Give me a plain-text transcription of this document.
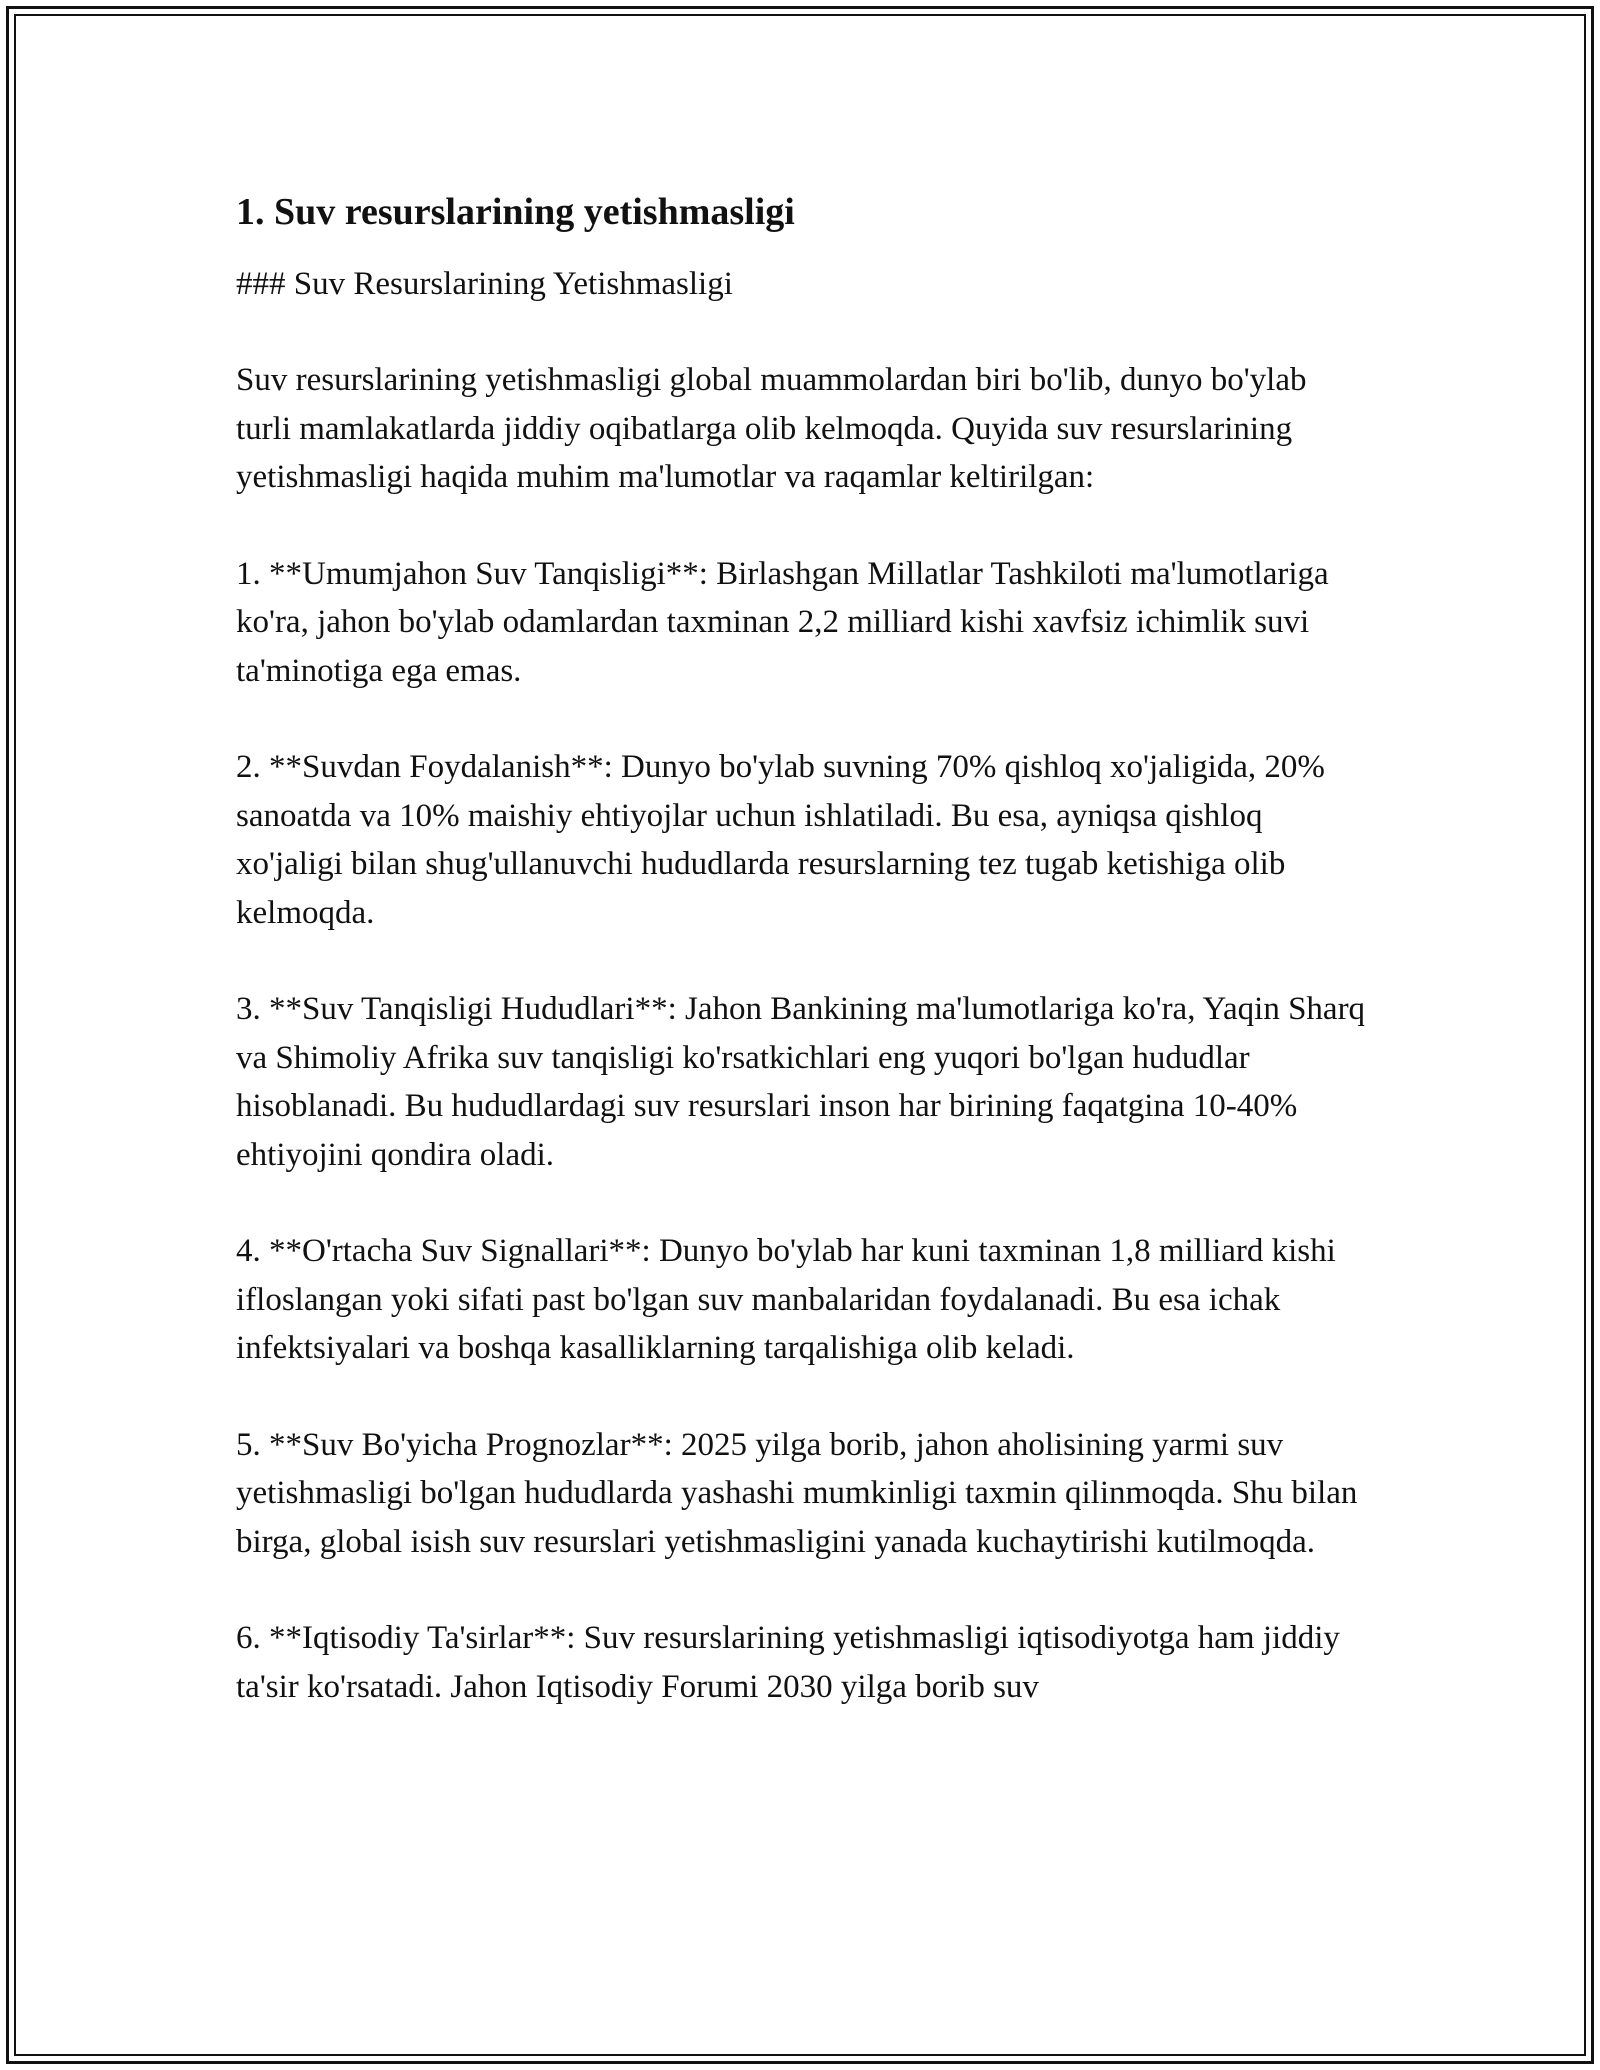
1. Suv resurslarining yetishmasligi

### Suv Resurslarining Yetishmasligi

Suv resurslarining yetishmasligi global muammolardan biri bo'lib, dunyo bo'ylab turli mamlakatlarda jiddiy oqibatlarga olib kelmoqda. Quyida suv resurslarining yetishmasligi haqida muhim ma'lumotlar va raqamlar keltirilgan:

1. **Umumjahon Suv Tanqisligi**: Birlashgan Millatlar Tashkiloti ma'lumotlariga ko'ra, jahon bo'ylab odamlardan taxminan 2,2 milliard kishi xavfsiz ichimlik suvi ta'minotiga ega emas.

2. **Suvdan Foydalanish**: Dunyo bo'ylab suvning 70% qishloq xo'jaligida, 20% sanoatda va 10% maishiy ehtiyojlar uchun ishlatiladi. Bu esa, ayniqsa qishloq xo'jaligi bilan shug'ullanuvchi hududlarda resurslarning tez tugab ketishiga olib kelmoqda.

3. **Suv Tanqisligi Hududlari**: Jahon Bankining ma'lumotlariga ko'ra, Yaqin Sharq va Shimoliy Afrika suv tanqisligi ko'rsatkichlari eng yuqori bo'lgan hududlar hisoblanadi. Bu hududlardagi suv resurslari inson har birining faqatgina 10-40% ehtiyojini qondira oladi.

4. **O'rtacha Suv Signallari**: Dunyo bo'ylab har kuni taxminan 1,8 milliard kishi ifloslangan yoki sifati past bo'lgan suv manbalaridan foydalanadi. Bu esa ichak infektsiyalari va boshqa kasalliklarning tarqalishiga olib keladi.

5. **Suv Bo'yicha Prognozlar**: 2025 yilga borib, jahon aholisining yarmi suv yetishmasligi bo'lgan hududlarda yashashi mumkinligi taxmin qilinmoqda. Shu bilan birga, global isish suv resurslari yetishmasligini yanada kuchaytirishi kutilmoqda.

6. **Iqtisodiy Ta'sirlar**: Suv resurslarining yetishmasligi iqtisodiyotga ham jiddiy ta'sir ko'rsatadi. Jahon Iqtisodiy Forumi 2030 yilga borib suv
